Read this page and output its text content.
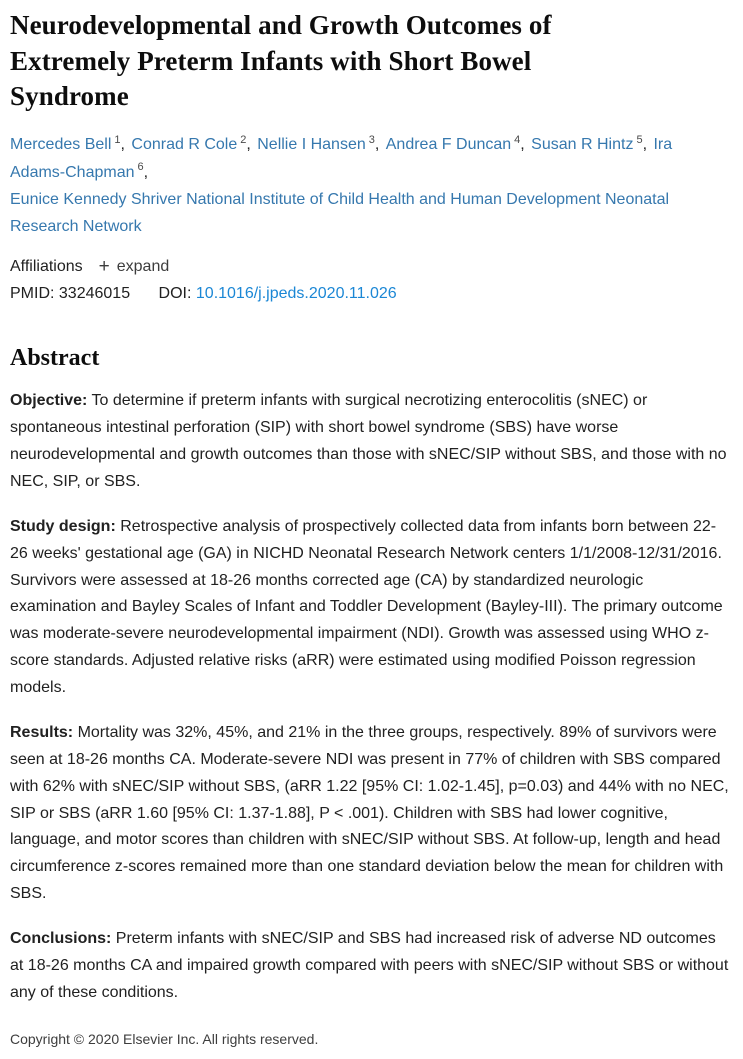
Neurodevelopmental and Growth Outcomes of Extremely Preterm Infants with Short Bowel Syndrome
Mercedes Bell $^1$, Conrad R Cole $^2$, Nellie I Hansen $^3$, Andrea F Duncan $^4$, Susan R Hintz $^5$, Ira Adams-Chapman $^6$,
Eunice Kennedy Shriver National Institute of Child Health and Human Development Neonatal Research Network
Affiliations + expand
PMID: 33246015 DOI: 10.1016/j.jpeds.2020.11.026
Abstract

Objective: To determine if preterm infants with surgical necrotizing enterocolitis (sNEC) or spontaneous intestinal perforation (SIP) with short bowel syndrome (SBS) have worse neurodevelopmental and growth outcomes than those with sNEC/SIP without SBS, and those with no NEC, SIP, or SBS.

Study design: Retrospective analysis of prospectively collected data from infants born between 22-26 weeks' gestational age (GA) in NICHD Neonatal Research Network centers 1/1/2008-12/31/2016. Survivors were assessed at 18-26 months corrected age (CA) by standardized neurologic examination and Bayley Scales of Infant and Toddler Development (Bayley-III). The primary outcome was moderate-severe neurodevelopmental impairment (NDI). Growth was assessed using WHO z-score standards. Adjusted relative risks (aRR) were estimated using modified Poisson regression models.

Results: Mortality was 32%, 45%, and 21% in the three groups, respectively. 89% of survivors were seen at 18-26 months CA. Moderate-severe NDI was present in 77% of children with SBS compared with 62% with sNEC/SIP without SBS, (aRR 1.22 [95% CI: 1.02-1.45], p=0.03) and 44% with no NEC, SIP or SBS (aRR 1.60 [95% CI: 1.37-1.88], P < .001). Children with SBS had lower cognitive, language, and motor scores than children with sNEC/SIP without SBS. At follow-up, length and head circumference z-scores remained more than one standard deviation below the mean for children with SBS.

Conclusions: Preterm infants with sNEC/SIP and SBS had increased risk of adverse ND outcomes at 18-26 months CA and impaired growth compared with peers with sNEC/SIP without SBS or without any of these conditions.

Copyright © 2020 Elsevier Inc. All rights reserved.
